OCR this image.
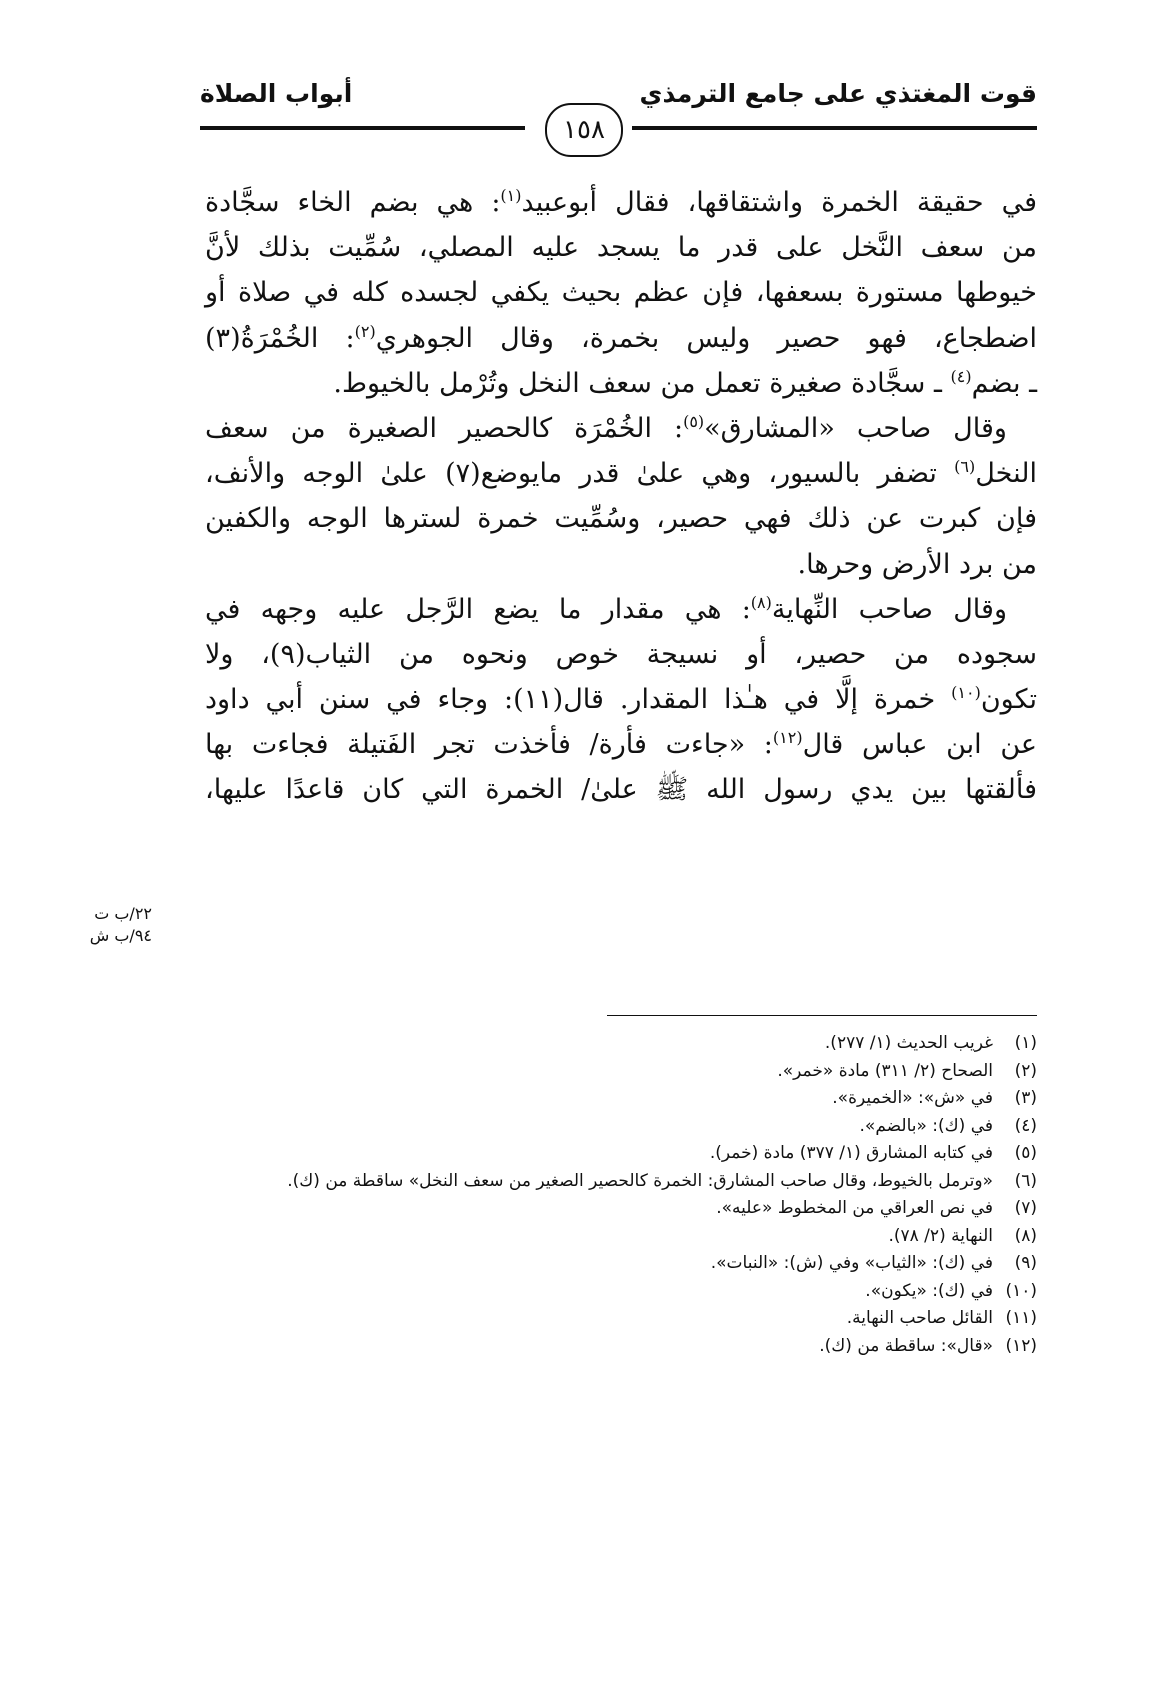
قوت المغتذي على جامع الترمذي
أبواب الصلاة
١٥٨
في حقيقة الخمرة واشتقاقها، فقال أبوعبيد$^{(١)}$: هي بضم الخاء سجَّادة
من سعف النَّخل على قدر ما يسجد عليه المصلي، سُمِّيت بذلك لأنَّ
خيوطها مستورة بسعفها، فإن عظم بحيث يكفي لجسده كله في صلاة أو
اضطجاع، فهو حصير وليس بخمرة، وقال الجوهري$^{(٢)}$: الخُمْرَةُ(٣)
ـ بضم$^{(٤)}$ ـ سجَّادة صغيرة تعمل من سعف النخل وتُرْمل بالخيوط.
وقال صاحب «المشارق»$^{(٥)}$: الخُمْرَة كالحصير الصغيرة من سعف
النخل$^{(٦)}$ تضفر بالسيور، وهي علىٰ قدر مايوضع(٧) علىٰ الوجه والأنف،
فإن كبرت عن ذلك فهي حصير، وسُمِّيت خمرة لسترها الوجه والكفين
من برد الأرض وحرها.
وقال صاحب النِّهاية$^{(٨)}$: هي مقدار ما يضع الرَّجل عليه وجهه في
سجوده من حصير، أو نسيجة خوص ونحوه من الثياب(٩)، ولا
تكون$^{(١٠)}$ خمرة إلَّا في هـٰذا المقدار. قال(١١): وجاء في سنن أبي داود
عن ابن عباس قال$^{(١٢)}$: «جاءت فأرة/ فأخذت تجر الفَتيلة فجاءت بها
فألقتها بين يدي رسول الله ﷺ علىٰ/ الخمرة التي كان قاعدًا عليها،
٢٢/ب ت
٩٤/ب ش
(١)
غريب الحديث (١/ ٢٧٧).
(٢)
الصحاح (٢/ ٣١١) مادة «خمر».
(٣)
في «ش»: «الخميرة».
(٤)
في (ك): «بالضم».
(٥)
في كتابه المشارق (١/ ٣٧٧) مادة (خمر).
(٦)
«وترمل بالخيوط، وقال صاحب المشارق: الخمرة كالحصير الصغير من سعف النخل» ساقطة من (ك).
(٧)
في نص العراقي من المخطوط «عليه».
(٨)
النهاية (٢/ ٧٨).
(٩)
في (ك): «الثياب» وفي (ش): «النبات».
(١٠)
في (ك): «يكون».
(١١)
القائل صاحب النهاية.
(١٢)
«قال»: ساقطة من (ك).
